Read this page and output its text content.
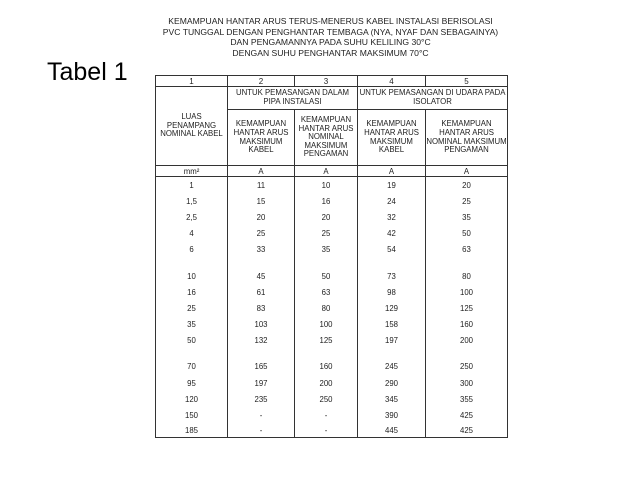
Tabel 1
KEMAMPUAN HANTAR ARUS TERUS-MENERUS KABEL INSTALASI BERISOLASI
PVC TUNGGAL DENGAN PENGHANTAR TEMBAGA (NYA, NYAF DAN SEBAGAINYA)
DAN PENGAMANNYA PADA SUHU KELILING 30°C
DENGAN SUHU PENGHANTAR MAKSIMUM 70°C
1	2	3	4	5
LUAS PENAMPANG NOMINAL KABEL	UNTUK PEMASANGAN DALAM PIPA INSTALASI		UNTUK PEMASANGAN DI UDARA PADA ISOLATOR	
	KEMAMPUAN HANTAR ARUS MAKSIMUM KABEL	KEMAMPUAN HANTAR ARUS NOMINAL MAKSIMUM PENGAMAN	KEMAMPUAN HANTAR ARUS MAKSIMUM KABEL	KEMAMPUAN HANTAR ARUS NOMINAL MAKSIMUM PENGAMAN
mm²	A	A	A	A
1	11	10	19	20
1,5	15	16	24	25
2,5	20	20	32	35
4	25	25	42	50
6	33	35	54	63

10	45	50	73	80
16	61	63	98	100
25	83	80	129	125
35	103	100	158	160
50	132	125	197	200

70	165	160	245	250
95	197	200	290	300
120	235	250	345	355
150	-	-	390	425
185	-	-	445	425
